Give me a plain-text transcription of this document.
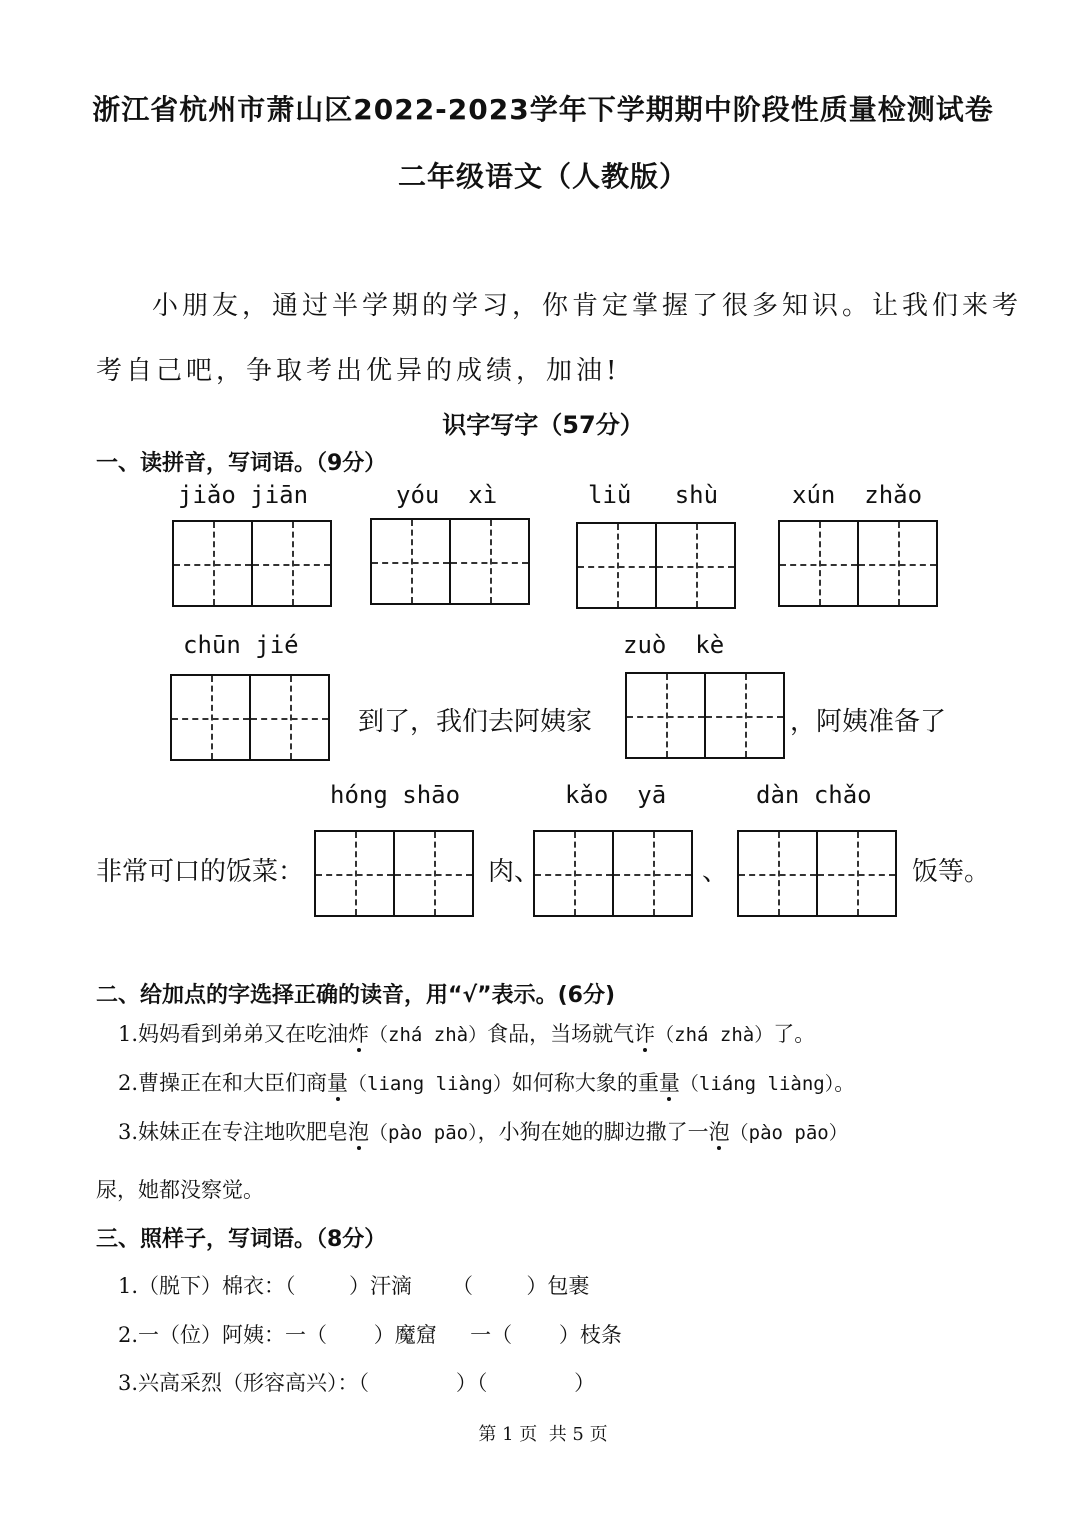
浙江省杭州市萧山区2022-2023学年下学期期中阶段性质量检测试卷
二年级语文（人教版）
小朋友，通过半学期的学习，你肯定掌握了很多知识。让我们来考
考自己吧，争取考出优异的成绩，加油!
识字写字（57分）
一、读拼音，写词语。（9分）
jiǎo jiān	yóu xì	liǔ shù	xún zhǎo
chūn jié
到了，我们去阿姨家
zuò kè
，阿姨准备了
非常可口的饭菜：
hóng shāo
肉、
kǎo yā
、
dàn chǎo
饭等。
二、给加点的字选择正确的读音，用“√”表示。(6分)
1.妈妈看到弟弟又在吃油炸（zhá zhà）食品，当场就气诈（zhá zhà）了。
2.曹操正在和大臣们商量（liang liàng）如何称大象的重量（liáng liàng）。
3.妹妹正在专注地吹肥皂泡（pào pāo），小狗在她的脚边撒了一泡（pào pāo）
尿，她都没察觉。
三、照样子，写词语。（8分）
1.（脱下）棉衣：（        ）汗滴      （        ）包裹
2.一（位）阿姨：一（       ）魔窟     一（       ）枝条
3.兴高采烈（形容高兴）：（             ）（             ）
第 1 页  共 5 页
